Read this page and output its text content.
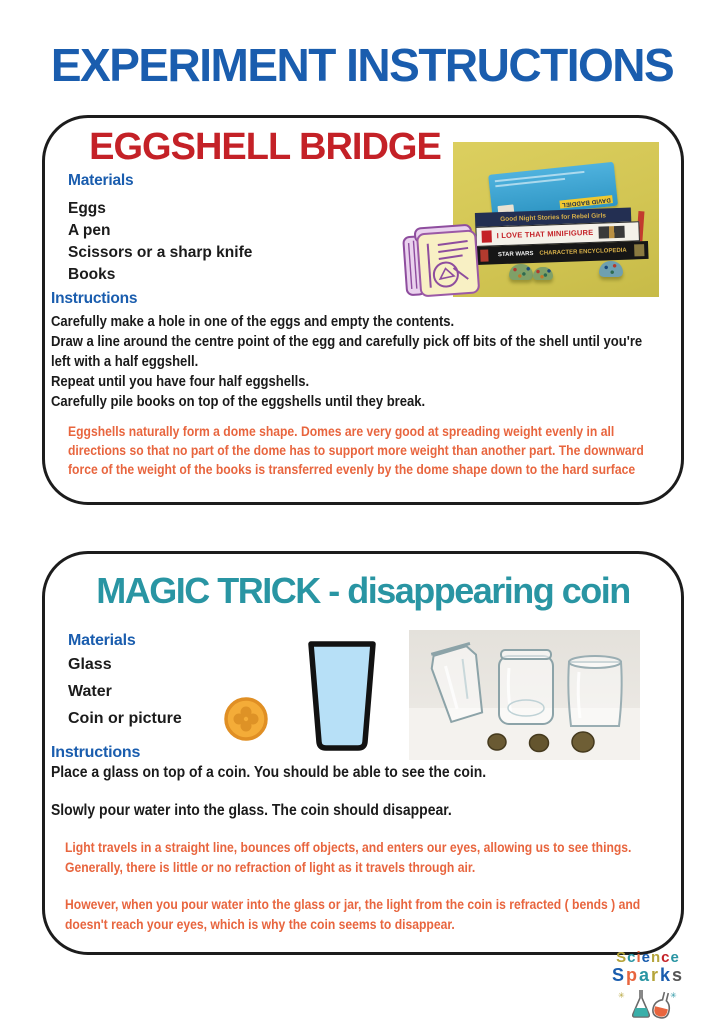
EXPERIMENT INSTRUCTIONS
EGGSHELL BRIDGE
Materials
Eggs
A pen
Scissors or a sharp knife
Books
Instructions
Carefully make a hole in one of the eggs and empty the contents.
Draw a line around the centre point of the egg and carefully pick off bits of the shell until you're left with a half eggshell.
Repeat until you have four half eggshells.
Carefully pile books on top of the eggshells until they break.
Eggshells naturally form a dome shape. Domes are very good at spreading weight evenly in all directions so that no part of the dome has to support more weight than another part. The downward force of the weight of the books is transferred evenly by the dome shape down to the hard surface
DAVID BADDIEL
Good Night Stories for Rebel Girls
I LOVE THAT MINIFIGURE
STAR WARS CHARACTER ENCYCLOPEDIA
MAGIC TRICK - disappearing coin
Materials
Glass
Water
Coin or picture
Instructions
Place a glass on top of a coin. You should be able to see the coin.
Slowly pour water into the glass. The coin should disappear.
Light travels in a straight line, bounces off objects, and enters our eyes, allowing us to see things. Generally, there is little or no refraction of light as it travels through air.
However, when you pour water into the glass or jar, the light from the coin is refracted ( bends ) and doesn't reach your eyes, which is why the coin seems to disappear.
Science
Sparks
✳	✳
